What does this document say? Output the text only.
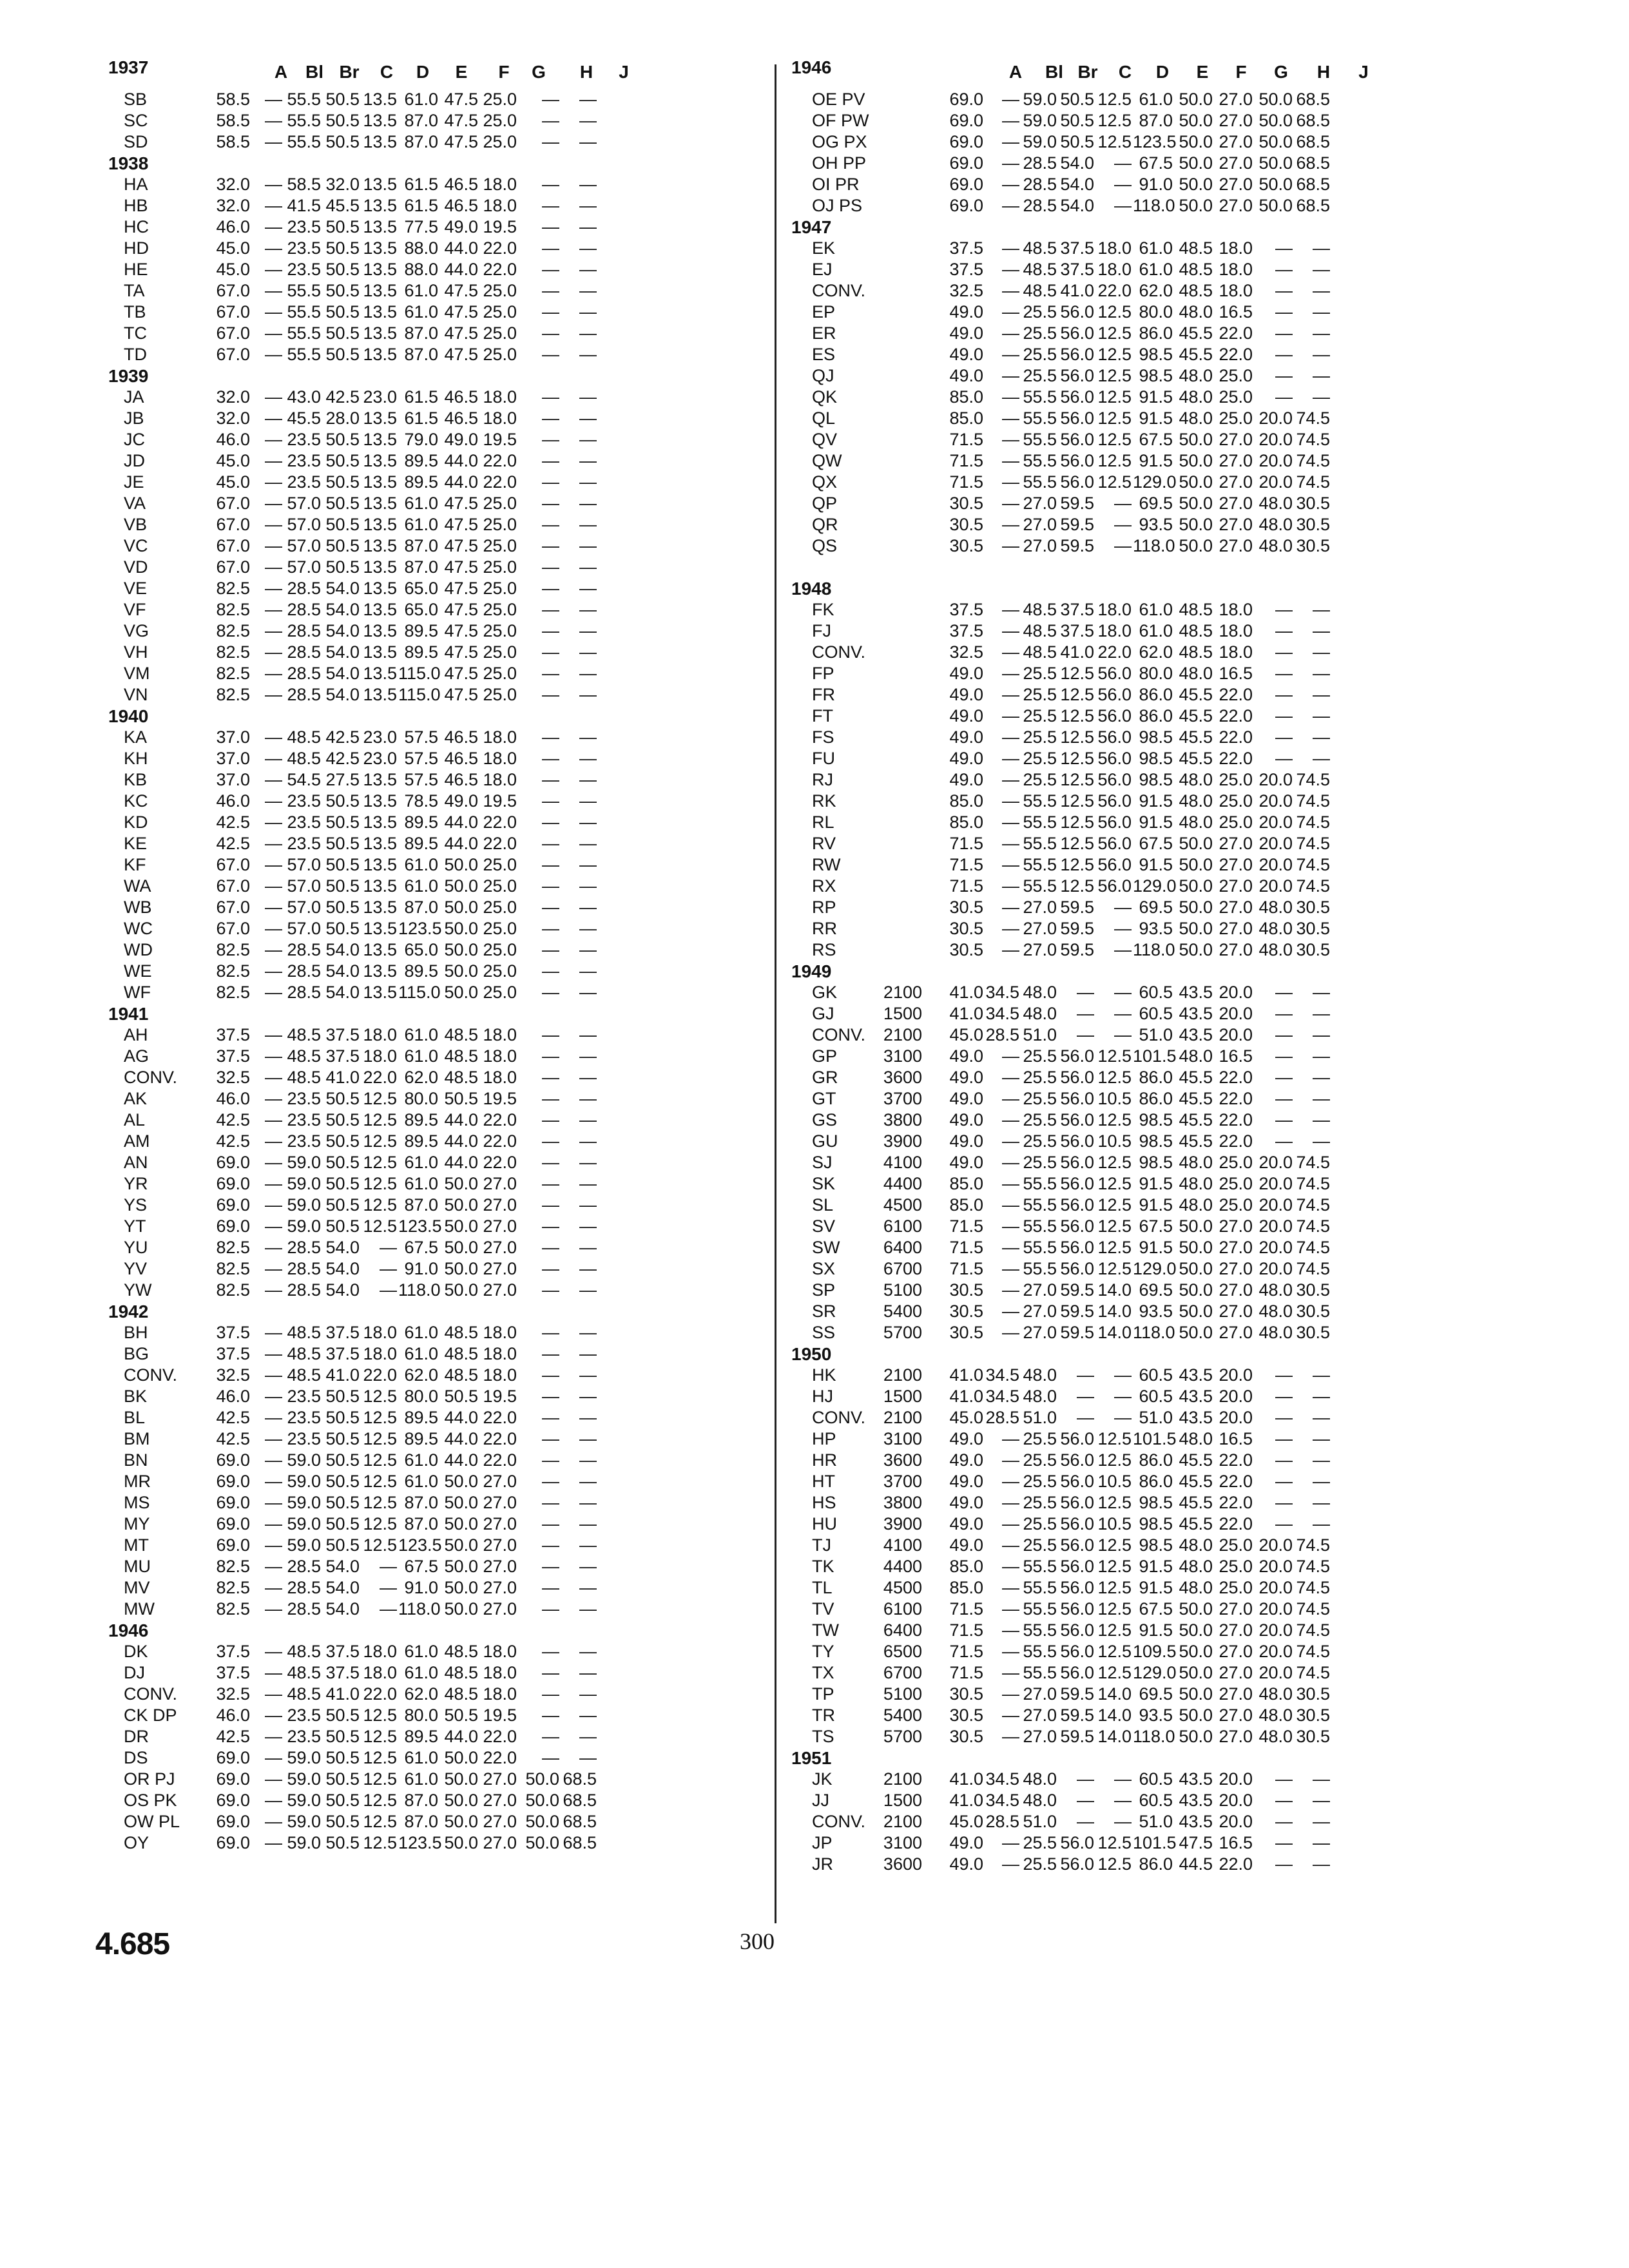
1937	A Bl Br	C	D	E	F	G	H	J
SB	58.5 — 55.5 50.5 13.5 61.0 47.5 25.0	—	—
SC	58.5 — 55.5 50.5 13.5 87.0 47.5 25.0	—	—
SD	58.5 — 55.5 50.5 13.5 87.0 47.5 25.0	—	—
1938
HA	32.0 — 58.5 32.0 13.5 61.5 46.5 18.0	—	—
HB	32.0 — 41.5 45.5 13.5 61.5 46.5 18.0	—	—
HC	46.0 — 23.5 50.5 13.5 77.5 49.0 19.5	—	—
HD	45.0 — 23.5 50.5 13.5 88.0 44.0 22.0	—	—
HE	45.0 — 23.5 50.5 13.5 88.0 44.0 22.0	—	—
TA	67.0 — 55.5 50.5 13.5 61.0 47.5 25.0	—	—
TB	67.0 — 55.5 50.5 13.5 61.0 47.5 25.0	—	—
TC	67.0 — 55.5 50.5 13.5 87.0 47.5 25.0	—	—
TD	67.0 — 55.5 50.5 13.5 87.0 47.5 25.0	—	—
1939
JA	32.0 — 43.0 42.5 23.0 61.5 46.5 18.0	—	—
JB	32.0 — 45.5 28.0 13.5 61.5 46.5 18.0	—	—
JC	46.0 — 23.5 50.5 13.5 79.0 49.0 19.5	—	—
JD	45.0 — 23.5 50.5 13.5 89.5 44.0 22.0	—	—
JE	45.0 — 23.5 50.5 13.5 89.5 44.0 22.0	—	—
VA	67.0 — 57.0 50.5 13.5 61.0 47.5 25.0	—	—
VB	67.0 — 57.0 50.5 13.5 61.0 47.5 25.0	—	—
VC	67.0 — 57.0 50.5 13.5 87.0 47.5 25.0	—	—
VD	67.0 — 57.0 50.5 13.5 87.0 47.5 25.0	—	—
VE	82.5 — 28.5 54.0 13.5 65.0 47.5 25.0	—	—
VF	82.5 — 28.5 54.0 13.5 65.0 47.5 25.0	—	—
VG	82.5 — 28.5 54.0 13.5 89.5 47.5 25.0	—	—
VH	82.5 — 28.5 54.0 13.5 89.5 47.5 25.0	—	—
VM	82.5 — 28.5 54.0 13.5 115.0 47.5 25.0	—	—
VN	82.5 — 28.5 54.0 13.5 115.0 47.5 25.0	—	—
1940
KA	37.0 — 48.5 42.5 23.0 57.5 46.5 18.0	—	—
KH	37.0 — 48.5 42.5 23.0 57.5 46.5 18.0	—	—
KB	37.0 — 54.5 27.5 13.5 57.5 46.5 18.0	—	—
KC	46.0 — 23.5 50.5 13.5 78.5 49.0 19.5	—	—
KD	42.5 — 23.5 50.5 13.5 89.5 44.0 22.0	—	—
KE	42.5 — 23.5 50.5 13.5 89.5 44.0 22.0	—	—
KF	67.0 — 57.0 50.5 13.5 61.0 50.0 25.0	—	—
WA	67.0 — 57.0 50.5 13.5 61.0 50.0 25.0	—	—
WB	67.0 — 57.0 50.5 13.5 87.0 50.0 25.0	—	—
WC	67.0 — 57.0 50.5 13.5 123.5 50.0 25.0	—	—
WD	82.5 — 28.5 54.0 13.5 65.0 50.0 25.0	—	—
WE	82.5 — 28.5 54.0 13.5 89.5 50.0 25.0	—	—
WF	82.5 — 28.5 54.0 13.5 115.0 50.0 25.0	—	—
1941
AH	37.5 — 48.5 37.5 18.0 61.0 48.5 18.0	—	—
AG	37.5 — 48.5 37.5 18.0 61.0 48.5 18.0	—	—
CONV.	32.5 — 48.5 41.0 22.0 62.0 48.5 18.0	—	—
AK	46.0 — 23.5 50.5 12.5 80.0 50.5 19.5	—	—
AL	42.5 — 23.5 50.5 12.5 89.5 44.0 22.0	—	—
AM	42.5 — 23.5 50.5 12.5 89.5 44.0 22.0	—	—
AN	69.0 — 59.0 50.5 12.5 61.0 44.0 22.0	—	—
YR	69.0 — 59.0 50.5 12.5 61.0 50.0 27.0	—	—
YS	69.0 — 59.0 50.5 12.5 87.0 50.0 27.0	—	—
YT	69.0 — 59.0 50.5 12.5 123.5 50.0 27.0	—	—
YU	82.5 — 28.5 54.0	— 67.5 50.0 27.0	—	—
YV	82.5 — 28.5 54.0	— 91.0 50.0 27.0	—	—
YW	82.5 — 28.5 54.0	— 118.0 50.0 27.0	—	—
1942
BH	37.5 — 48.5 37.5 18.0 61.0 48.5 18.0	—	—
BG	37.5 — 48.5 37.5 18.0 61.0 48.5 18.0	—	—
CONV.	32.5 — 48.5 41.0 22.0 62.0 48.5 18.0	—	—
BK	46.0 — 23.5 50.5 12.5 80.0 50.5 19.5	—	—
BL	42.5 — 23.5 50.5 12.5 89.5 44.0 22.0	—	—
BM	42.5 — 23.5 50.5 12.5 89.5 44.0 22.0	—	—
BN	69.0 — 59.0 50.5 12.5 61.0 44.0 22.0	—	—
MR	69.0 — 59.0 50.5 12.5 61.0 50.0 27.0	—	—
MS	69.0 — 59.0 50.5 12.5 87.0 50.0 27.0	—	—
MY	69.0 — 59.0 50.5 12.5 87.0 50.0 27.0	—	—
MT	69.0 — 59.0 50.5 12.5 123.5 50.0 27.0	—	—
MU	82.5 — 28.5 54.0	— 67.5 50.0 27.0	—	—
MV	82.5 — 28.5 54.0	— 91.0 50.0 27.0	—	—
MW	82.5 — 28.5 54.0	— 118.0 50.0 27.0	—	—
1946
DK	37.5 — 48.5 37.5 18.0 61.0 48.5 18.0	—	—
DJ	37.5 — 48.5 37.5 18.0 61.0 48.5 18.0	—	—
CONV.	32.5 — 48.5 41.0 22.0 62.0 48.5 18.0	—	—
CK DP	46.0 — 23.5 50.5 12.5 80.0 50.5 19.5	—	—
DR	42.5 — 23.5 50.5 12.5 89.5 44.0 22.0	—	—
DS	69.0 — 59.0 50.5 12.5 61.0 50.0 22.0	—	—
OR PJ	69.0 — 59.0 50.5 12.5 61.0 50.0 27.0 50.0 68.5
OS PK	69.0 — 59.0 50.5 12.5 87.0 50.0 27.0 50.0 68.5
OW PL	69.0 — 59.0 50.5 12.5 87.0 50.0 27.0 50.0 68.5
OY	69.0 — 59.0 50.5 12.5 123.5 50.0 27.0 50.0 68.5
1946	A	Bl Br	C	D	E	F	G	H	J
OE PV	69.0	— 59.0 50.5 12.5 61.0 50.0 27.0 50.0 68.5
OF PW	69.0	— 59.0 50.5 12.5 87.0 50.0 27.0 50.0 68.5
OG PX	69.0	— 59.0 50.5 12.5 123.5 50.0 27.0 50.0 68.5
OH PP	69.0	— 28.5 54.0	— 67.5 50.0 27.0 50.0 68.5
OI PR	69.0	— 28.5 54.0	— 91.0 50.0 27.0 50.0 68.5
OJ PS	69.0	— 28.5 54.0	— 118.0 50.0 27.0 50.0 68.5
1947
EK	37.5	— 48.5 37.5 18.0 61.0 48.5 18.0	—	—
EJ	37.5	— 48.5 37.5 18.0 61.0 48.5 18.0	—	—
CONV.	32.5	— 48.5 41.0 22.0 62.0 48.5 18.0	—	—
EP	49.0	— 25.5 56.0 12.5 80.0 48.0 16.5	—	—
ER	49.0	— 25.5 56.0 12.5 86.0 45.5 22.0	—	—
ES	49.0	— 25.5 56.0 12.5 98.5 45.5 22.0	—	—
QJ	49.0	— 25.5 56.0 12.5 98.5 48.0 25.0	—	—
QK	85.0	— 55.5 56.0 12.5 91.5 48.0 25.0	—	—
QL	85.0	— 55.5 56.0 12.5 91.5 48.0 25.0 20.0 74.5
QV	71.5	— 55.5 56.0 12.5 67.5 50.0 27.0 20.0 74.5
QW	71.5	— 55.5 56.0 12.5 91.5 50.0 27.0 20.0 74.5
QX	71.5	— 55.5 56.0 12.5 129.0 50.0 27.0 20.0 74.5
QP	30.5	— 27.0 59.5	— 69.5 50.0 27.0 48.0 30.5
QR	30.5	— 27.0 59.5	— 93.5 50.0 27.0 48.0 30.5
QS	30.5	— 27.0 59.5	— 118.0 50.0 27.0 48.0 30.5
1948
FK	37.5	— 48.5 37.5 18.0 61.0 48.5 18.0	—	—
FJ	37.5	— 48.5 37.5 18.0 61.0 48.5 18.0	—	—
CONV.	32.5	— 48.5 41.0 22.0 62.0 48.5 18.0	—	—
FP	49.0	— 25.5 12.5 56.0 80.0 48.0 16.5	—	—
FR	49.0	— 25.5 12.5 56.0 86.0 45.5 22.0	—	—
FT	49.0	— 25.5 12.5 56.0 86.0 45.5 22.0	—	—
FS	49.0	— 25.5 12.5 56.0 98.5 45.5 22.0	—	—
FU	49.0	— 25.5 12.5 56.0 98.5 45.5 22.0	—	—
RJ	49.0	— 25.5 12.5 56.0 98.5 48.0 25.0 20.0 74.5
RK	85.0	— 55.5 12.5 56.0 91.5 48.0 25.0 20.0 74.5
RL	85.0	— 55.5 12.5 56.0 91.5 48.0 25.0 20.0 74.5
RV	71.5	— 55.5 12.5 56.0 67.5 50.0 27.0 20.0 74.5
RW	71.5	— 55.5 12.5 56.0 91.5 50.0 27.0 20.0 74.5
RX	71.5	— 55.5 12.5 56.0 129.0 50.0 27.0 20.0 74.5
RP	30.5	— 27.0 59.5	— 69.5 50.0 27.0 48.0 30.5
RR	30.5	— 27.0 59.5	— 93.5 50.0 27.0 48.0 30.5
RS	30.5	— 27.0 59.5	— 118.0 50.0 27.0 48.0 30.5
1949
GK	2100	41.0 34.5 48.0	—	— 60.5 43.5 20.0	—	—
GJ	1500	41.0 34.5 48.0	—	— 60.5 43.5 20.0	—	—
CONV.	2100	45.0 28.5 51.0	—	— 51.0 43.5 20.0	—	—
GP	3100	49.0	— 25.5 56.0 12.5 101.5 48.0 16.5	—	—
GR	3600	49.0	— 25.5 56.0 12.5 86.0 45.5 22.0	—	—
GT	3700	49.0	— 25.5 56.0 10.5 86.0 45.5 22.0	—	—
GS	3800	49.0	— 25.5 56.0 12.5 98.5 45.5 22.0	—	—
GU	3900	49.0	— 25.5 56.0 10.5 98.5 45.5 22.0	—	—
SJ	4100	49.0	— 25.5 56.0 12.5 98.5 48.0 25.0 20.0 74.5
SK	4400	85.0	— 55.5 56.0 12.5 91.5 48.0 25.0 20.0 74.5
SL	4500	85.0	— 55.5 56.0 12.5 91.5 48.0 25.0 20.0 74.5
SV	6100	71.5	— 55.5 56.0 12.5 67.5 50.0 27.0 20.0 74.5
SW	6400	71.5	— 55.5 56.0 12.5 91.5 50.0 27.0 20.0 74.5
SX	6700	71.5	— 55.5 56.0 12.5 129.0 50.0 27.0 20.0 74.5
SP	5100	30.5	— 27.0 59.5 14.0 69.5 50.0 27.0 48.0 30.5
SR	5400	30.5	— 27.0 59.5 14.0 93.5 50.0 27.0 48.0 30.5
SS	5700	30.5	— 27.0 59.5 14.0 118.0 50.0 27.0 48.0 30.5
1950
HK	2100	41.0 34.5 48.0	—	— 60.5 43.5 20.0	—	—
HJ	1500	41.0 34.5 48.0	—	— 60.5 43.5 20.0	—	—
CONV.	2100	45.0 28.5 51.0	—	— 51.0 43.5 20.0	—	—
HP	3100	49.0	— 25.5 56.0 12.5 101.5 48.0 16.5	—	—
HR	3600	49.0	— 25.5 56.0 12.5 86.0 45.5 22.0	—	—
HT	3700	49.0	— 25.5 56.0 10.5 86.0 45.5 22.0	—	—
HS	3800	49.0	— 25.5 56.0 12.5 98.5 45.5 22.0	—	—
HU	3900	49.0	— 25.5 56.0 10.5 98.5 45.5 22.0	—	—
TJ	4100	49.0	— 25.5 56.0 12.5 98.5 48.0 25.0 20.0 74.5
TK	4400	85.0	— 55.5 56.0 12.5 91.5 48.0 25.0 20.0 74.5
TL	4500	85.0	— 55.5 56.0 12.5 91.5 48.0 25.0 20.0 74.5
TV	6100	71.5	— 55.5 56.0 12.5 67.5 50.0 27.0 20.0 74.5
TW	6400	71.5	— 55.5 56.0 12.5 91.5 50.0 27.0 20.0 74.5
TY	6500	71.5	— 55.5 56.0 12.5 109.5 50.0 27.0 20.0 74.5
TX	6700	71.5	— 55.5 56.0 12.5 129.0 50.0 27.0 20.0 74.5
TP	5100	30.5	— 27.0 59.5 14.0 69.5 50.0 27.0 48.0 30.5
TR	5400	30.5	— 27.0 59.5 14.0 93.5 50.0 27.0 48.0 30.5
TS	5700	30.5	— 27.0 59.5 14.0 118.0 50.0 27.0 48.0 30.5
1951
JK	2100	41.0 34.5 48.0	—	— 60.5 43.5 20.0	—	—
JJ	1500	41.0 34.5 48.0	—	— 60.5 43.5 20.0	—	—
CONV.	2100	45.0 28.5 51.0	—	— 51.0 43.5 20.0	—	—
JP	3100	49.0	— 25.5 56.0 12.5 101.5 47.5 16.5	—	—
JR	3600	49.0	— 25.5 56.0 12.5 86.0 44.5 22.0	—	—
4.685	300
